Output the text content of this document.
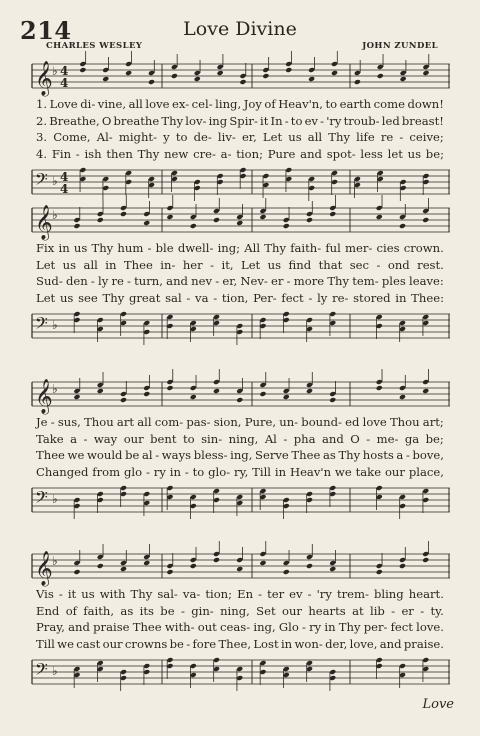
214	Love Divine
CHARLES WESLEY	JOHN ZUNDEL
𝄞 ♭ 4
4
1. Love di- vine, all love ex- cel- ling, Joy of Heav'n, to earth come down!
2. Breathe, O breathe Thy lov- ing Spir- it In - to ev - 'ry troub- led breast!
3. Come, Al- might- y to de- liv- er, Let us all Thy life re - ceive;
4. Fin - ish then Thy new cre- a- tion; Pure and spot- less let us be;
𝄢 ♭ 4
4
𝄞 ♭
Fix in us Thy hum - ble dwell- ing; All Thy faith- ful mer- cies crown.
Let us all in Thee in- her - it, Let us find that sec - ond rest.
Sud- den - ly re - turn, and nev - er, Nev- er - more Thy tem- ples leave:
Let us see Thy great sal - va - tion, Per- fect - ly re- stored in Thee:
𝄢 ♭
𝄞 ♭
Je - sus, Thou art all com- pas- sion, Pure, un- bound- ed love Thou art;
Take a - way our bent to sin- ning, Al - pha and O - me- ga be;
Thee we would be al - ways bless- ing, Serve Thee as Thy hosts a - bove,
Changed from glo - ry in - to glo- ry, Till in Heav'n we take our place,
𝄢 ♭
𝄞 ♭
Vis - it us with Thy sal- va- tion; En - ter ev - 'ry trem- bling heart.
End of faith, as its be - gin- ning, Set our hearts at lib - er - ty.
Pray, and praise Thee with- out ceas- ing, Glo - ry in Thy per- fect love.
Till we cast our crowns be - fore Thee, Lost in won- der, love, and praise.
𝄢 ♭
Love
